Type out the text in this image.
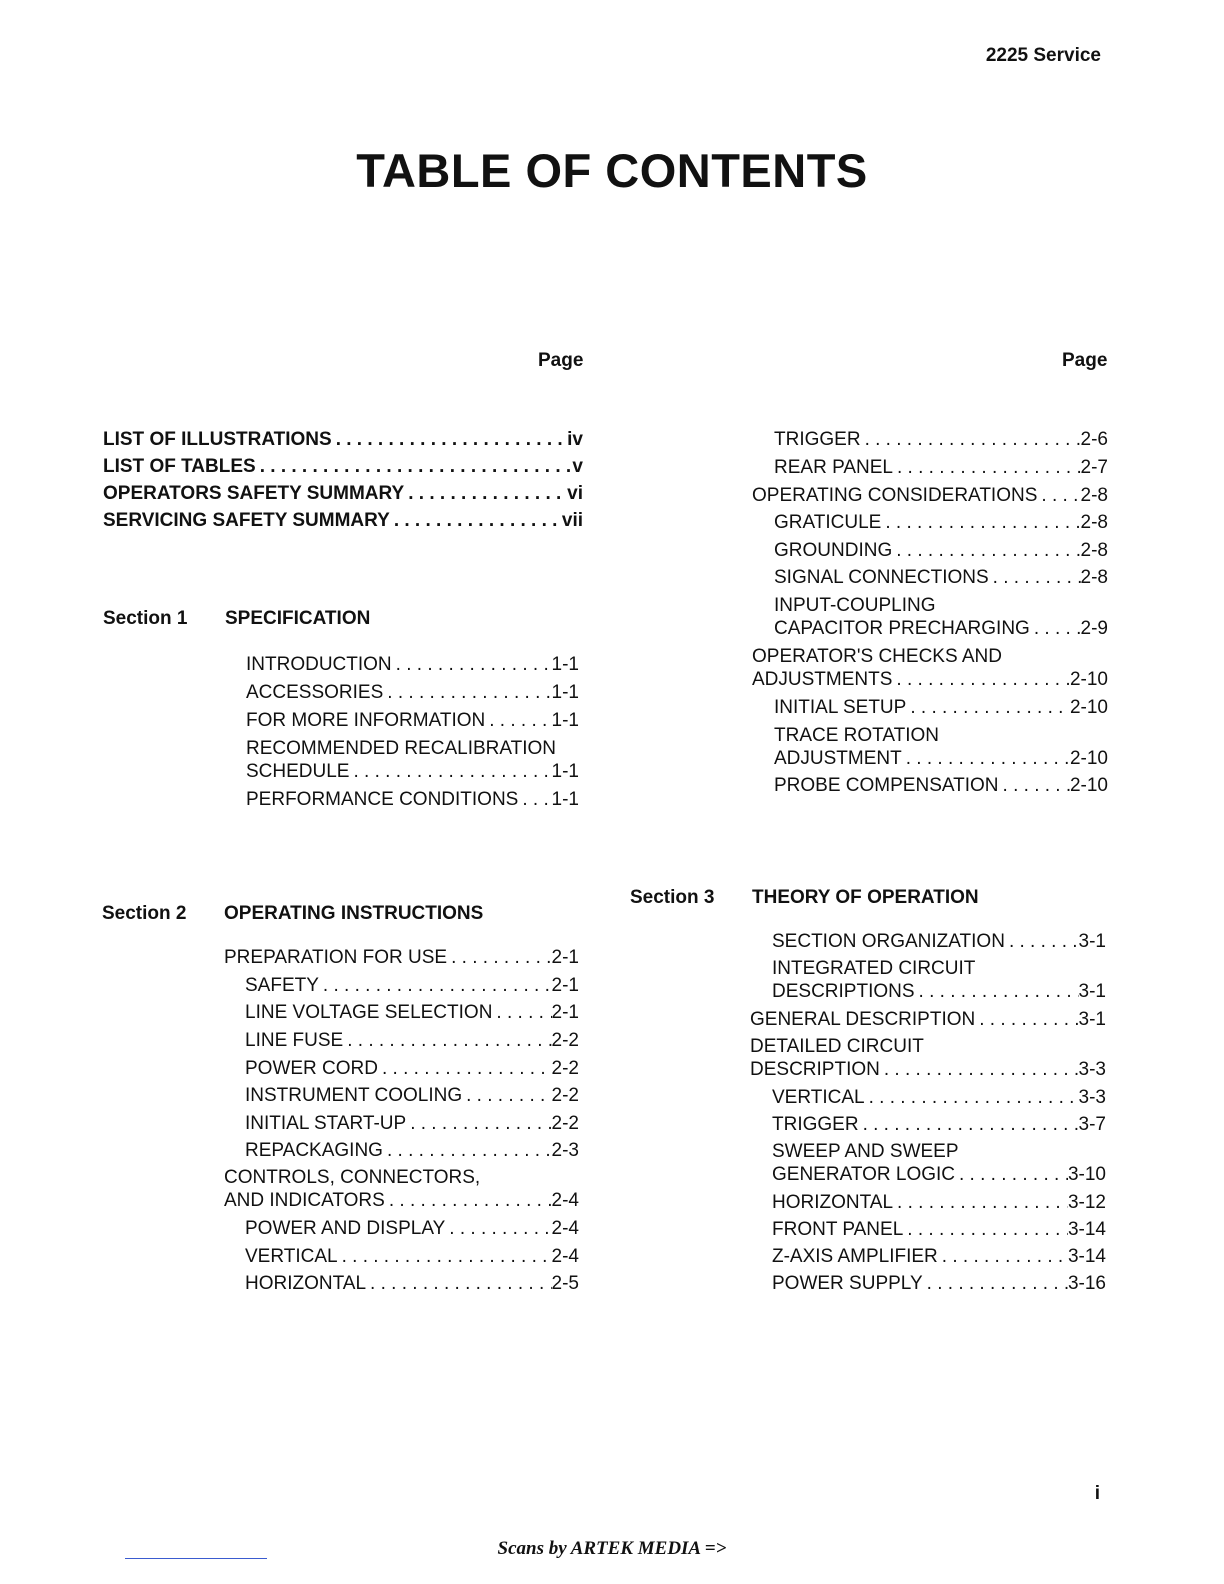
2225 Service
TABLE OF CONTENTS
Page	Page
LIST OF ILLUSTRATIONS . . .	iv
LIST OF TABLES . . .	v
OPERATORS SAFETY SUMMARY . . .	vi
SERVICING SAFETY SUMMARY . . .	vii
Section 1 SPECIFICATION
INTRODUCTION . . .	1-1
ACCESSORIES . . .	1-1
FOR MORE INFORMATION . . .	1-1
RECOMMENDED RECALIBRATION
SCHEDULE . . .	1-1
PERFORMANCE CONDITIONS . . . 1-1
Section 2 OPERATING INSTRUCTIONS
PREPARATION FOR USE . . .	2-1
SAFETY . . .	2-1
LINE VOLTAGE SELECTION . . .	2-1
LINE FUSE . . .	2-2
POWER CORD . . .	2-2
INSTRUMENT COOLING . . .	2-2
INITIAL START-UP . . .	2-2
REPACKAGING . . .	2-3
CONTROLS, CONNECTORS,
AND INDICATORS . . .	2-4
POWER AND DISPLAY . . .	2-4
VERTICAL . . .	2-4
HORIZONTAL . . .	2-5
TRIGGER . . .	2-6
REAR PANEL . . .	2-7
OPERATING CONSIDERATIONS . . . 2-8
GRATICULE . . .	2-8
GROUNDING . . .	2-8
SIGNAL CONNECTIONS . . .	2-8
INPUT-COUPLING
CAPACITOR PRECHARGING . . .	2-9
OPERATOR'S CHECKS AND
ADJUSTMENTS . . .	2-10
INITIAL SETUP . . .	2-10
TRACE ROTATION
ADJUSTMENT . . .	2-10
PROBE COMPENSATION . . .	2-10
Section 3 THEORY OF OPERATION
SECTION ORGANIZATION . . .	3-1
INTEGRATED CIRCUIT
DESCRIPTIONS . . .	3-1
GENERAL DESCRIPTION . . .	3-1
DETAILED CIRCUIT
DESCRIPTION . . .	3-3
VERTICAL . . .	3-3
TRIGGER . . .	3-7
SWEEP AND SWEEP
GENERATOR LOGIC . . .	3-10
HORIZONTAL . . .	3-12
FRONT PANEL . . .	3-14
Z-AXIS AMPLIFIER . . .	3-14
POWER SUPPLY . . .	3-16
i
Scans by ARTEK MEDIA =>
